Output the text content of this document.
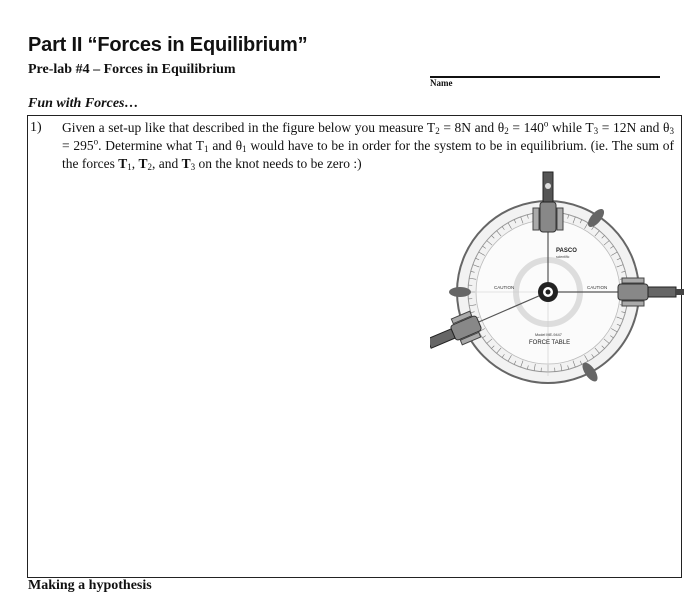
Part II “Forces in Equilibrium”
Pre-lab #4 – Forces in Equilibrium
Name
Fun with Forces…
1) Given a set-up like that described in the figure below you measure $T_2 = 8N$ and $\theta_2 = 140^o$ while $T_3 = 12N$ and $\theta_3 = 295^o$. Determine what $T_1$ and $\theta_1$ would have to be in order for the system to be in equilibrium. (ie. The sum of the forces $T_1$, $T_2$, and $T_3$ on the knot needs to be zero :)
PASCO
scientific
CAUTION	CAUTION
Model ME-9447
FORCE TABLE
Making a hypothesis
